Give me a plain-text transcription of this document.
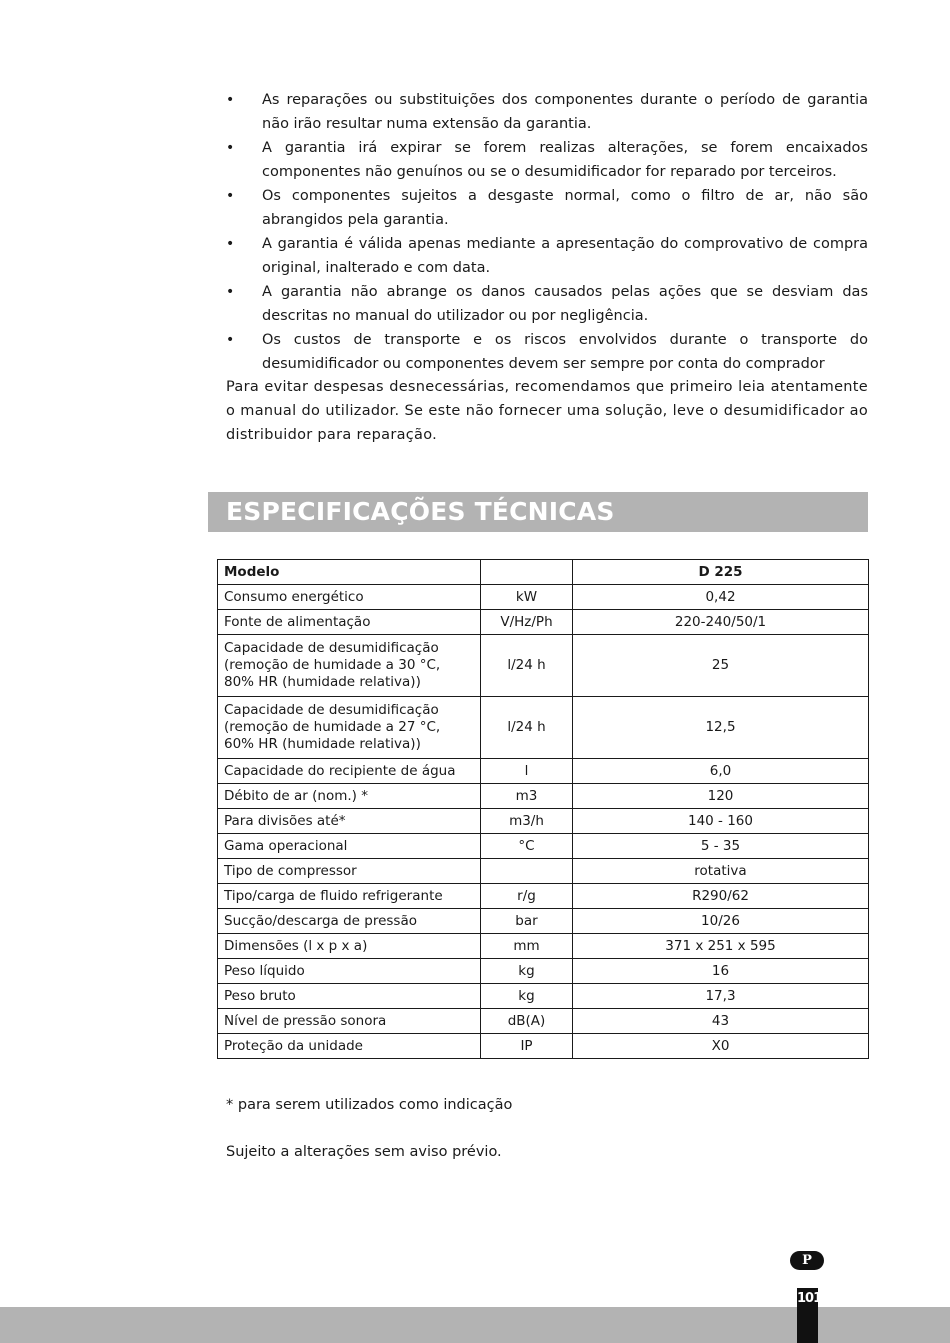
• As reparações ou substituições dos componentes durante o período de garantia não irão resultar numa extensão da garantia.
• A garantia irá expirar se forem realizas alterações, se forem encaixados componentes não genuínos ou se o desumidificador for reparado por terceiros.
• Os componentes sujeitos a desgaste normal, como o filtro de ar, não são abrangidos pela garantia.
• A garantia é válida apenas mediante a apresentação do comprovativo de compra original, inalterado e com data.
• A garantia não abrange os danos causados pelas ações que se desviam das descritas no manual do utilizador ou por negligência.
• Os custos de transporte e os riscos envolvidos durante o transporte do desumidificador ou componentes devem ser sempre por conta do comprador

Para evitar despesas desnecessárias, recomendamos que primeiro leia atentamente o manual do utilizador. Se este não fornecer uma solução, leve o desumidificador ao distribuidor para reparação.

ESPECIFICAÇÕES TÉCNICAS
Modelo		D 225
Consumo energético	kW	0,42
Fonte de alimentação	V/Hz/Ph	220-240/50/1
Capacidade de desumidificação (remoção de humidade a 30 °C, 80% HR (humidade relativa))	l/24 h	25
Capacidade de desumidificação (remoção de humidade a 27 °C, 60% HR (humidade relativa))	l/24 h	12,5
Capacidade do recipiente de água	l	6,0
Débito de ar (nom.) *	m3	120
Para divisões até*	m3/h	140 - 160
Gama operacional	°C	5 - 35
Tipo de compressor		rotativa
Tipo/carga de fluido refrigerante	r/g	R290/62
Sucção/descarga de pressão	bar	10/26
Dimensões (l x p x a)	mm	371 x 251 x 595
Peso líquido	kg	16
Peso bruto	kg	17,3
Nível de pressão sonora	dB(A)	43
Proteção da unidade	IP	X0

* para serem utilizados como indicação

Sujeito a alterações sem aviso prévio.

P
101
